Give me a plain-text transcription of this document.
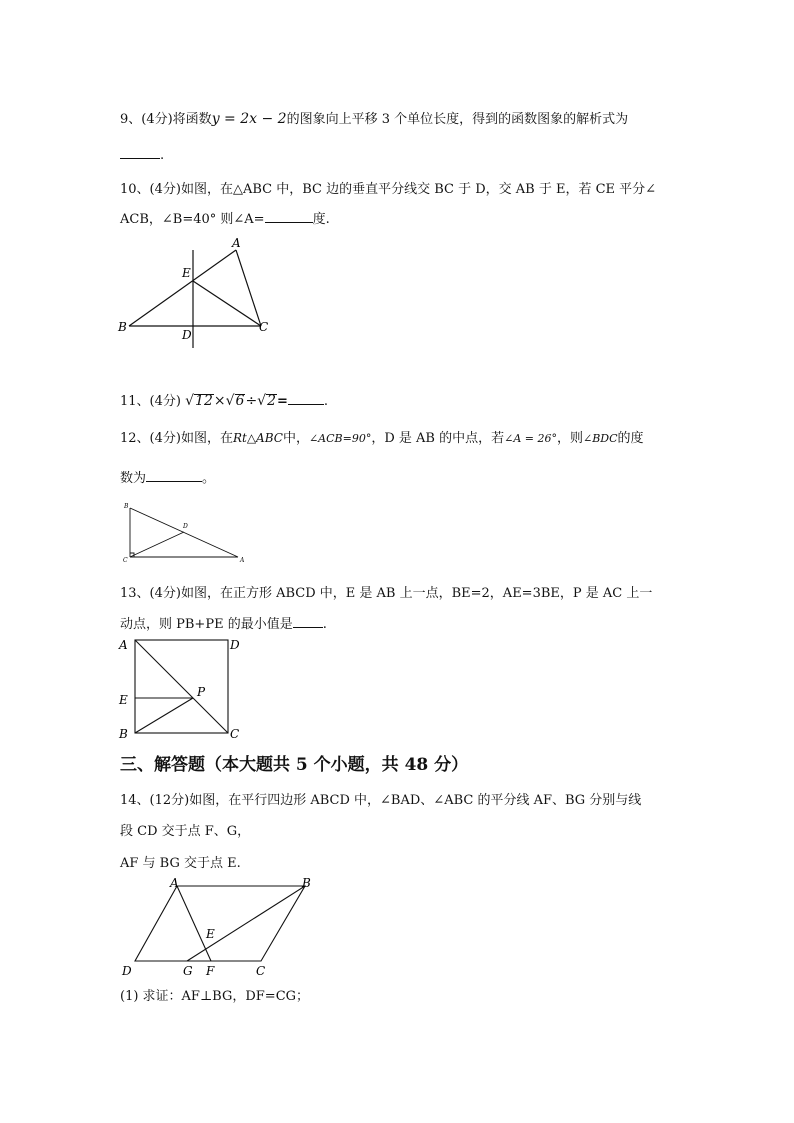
9、(4分)将函数y = 2x − 2的图象向上平移 3 个单位长度，得到的函数图象的解析式为
.
10、(4分)如图，在△ABC 中，BC 边的垂直平分线交 BC 于 D，交 AB 于 E，若 CE 平分∠
ACB，∠B=40° 则∠A=	度.
A
E
B
D
C
11、(4分) √12×√6÷√2=	.
12、(4分)如图，在Rt△ABC中，∠ACB=90°，D 是 AB 的中点，若∠A = 26°，则∠BDC的度
数为	。
B
D
C	A
13、(4分)如图，在正方形 ABCD 中，E 是 AB 上一点，BE=2，AE=3BE，P 是 AC 上一
动点，则 PB+PE 的最小值是 .
A	D
E
P
B	C
三、解答题（本大题共 5 个小题，共 48 分）
14、(12分)如图，在平行四边形 ABCD 中，∠BAD、∠ABC 的平分线 AF、BG 分别与线
段 CD 交于点 F、G，
AF 与 BG 交于点 E.
A	B
E
D	G F	C
(1) 求证：AF⊥BG，DF=CG；
